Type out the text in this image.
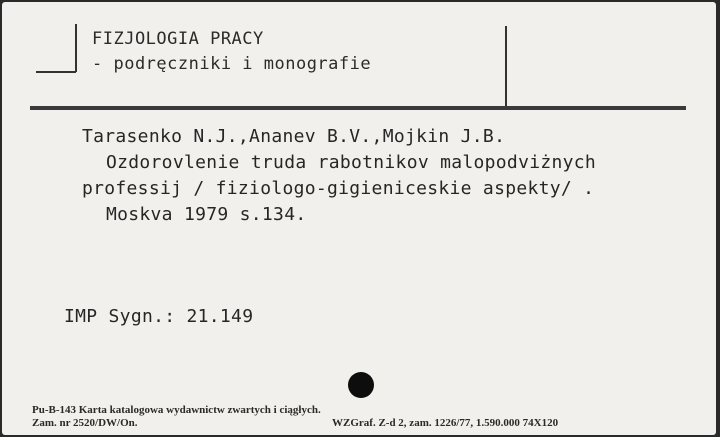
FIZJOLOGIA PRACY
- podręczniki i monografie
Tarasenko N.J.,Ananev B.V.,Mojkin J.B.
Ozdorovlenie truda rabotnikov malopodviżnych
professij / fiziologo-gigieniceskie aspekty/ .
Moskva 1979 s.134.
IMP Sygn.: 21.149
Pu-B-143 Karta katalogowa wydawnictw zwartych i ciągłych.
Zam. nr 2520/DW/On.	WZGraf. Z-d 2, zam. 1226/77, 1.590.000 74X120
